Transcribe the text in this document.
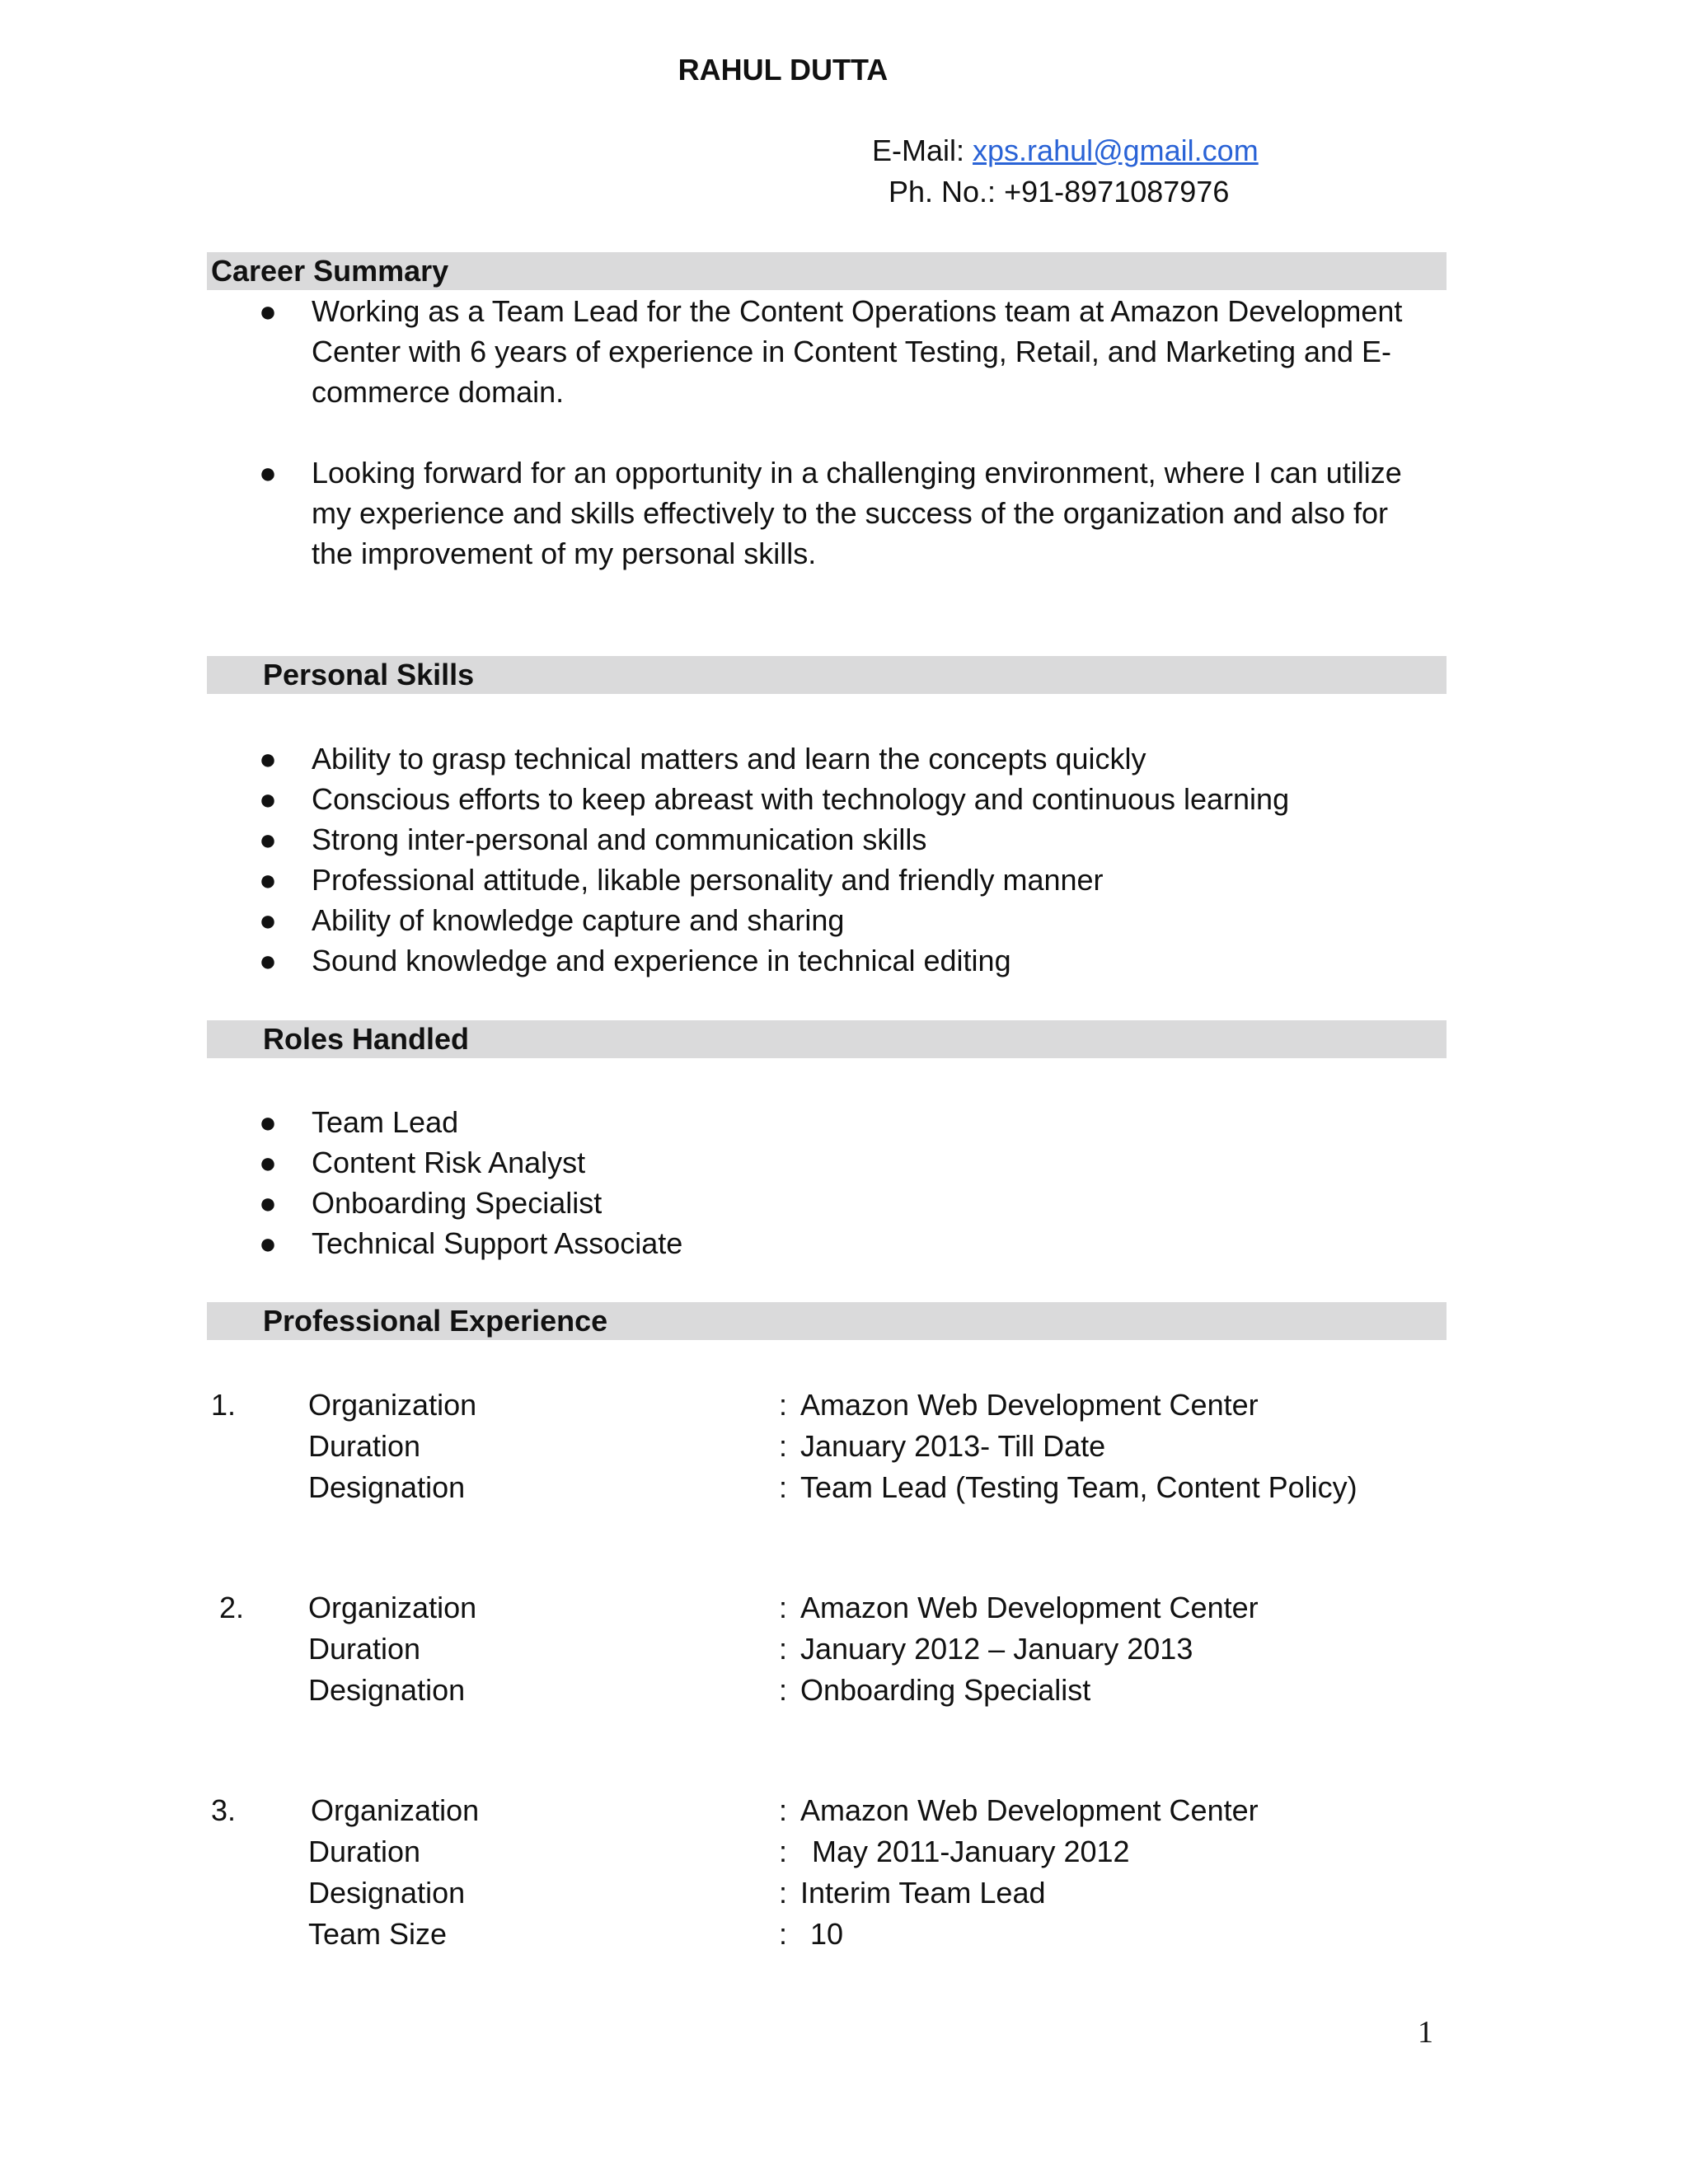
RAHUL DUTTA
E-Mail: xps.rahul@gmail.com
Ph. No.: +91-8971087976
Career Summary

● Working as a Team Lead for the Content Operations team at Amazon Development Center with 6 years of experience in Content Testing, Retail, and Marketing and E-commerce domain.

● Looking forward for an opportunity in a challenging environment, where I can utilize my experience and skills effectively to the success of the organization and also for the improvement of my personal skills.

Personal Skills

● Ability to grasp technical matters and learn the concepts quickly

● Conscious efforts to keep abreast with technology and continuous learning

● Strong inter-personal and communication skills

● Professional attitude, likable personality and friendly manner

● Ability of knowledge capture and sharing

● Sound knowledge and experience in technical editing

Roles Handled

● Team Lead

● Content Risk Analyst

● Onboarding Specialist

● Technical Support Associate

Professional Experience
1. Organization	: Amazon Web Development Center
Duration	: January 2013- Till Date
Designation	: Team Lead (Testing Team, Content Policy)
2. Organization	: Amazon Web Development Center
Duration	: January 2012 – January 2013
Designation	: Onboarding Specialist
3.	Organization	: Amazon Web Development Center
Duration	: May 2011-January 2012
Designation	: Interim Team Lead
Team Size	: 10
1
